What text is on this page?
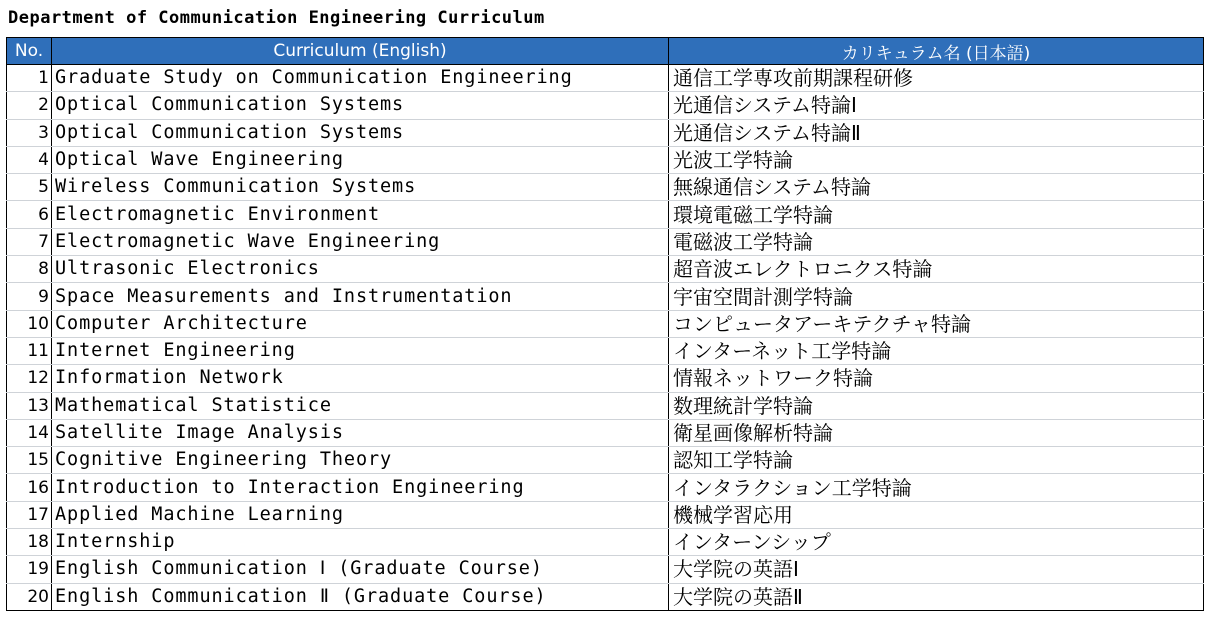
Department of Communication Engineering Curriculum
No.	Curriculum (English)	カリキュラム名 (日本語)
1	Graduate Study on Communication Engineering	通信工学専攻前期課程研修
2	Optical Communication Systems	光通信システム特論Ⅰ
3	Optical Communication Systems	光通信システム特論Ⅱ
4	Optical Wave Engineering	光波工学特論
5	Wireless Communication Systems	無線通信システム特論
6	Electromagnetic Environment	環境電磁工学特論
7	Electromagnetic Wave Engineering	電磁波工学特論
8	Ultrasonic Electronics	超音波エレクトロニクス特論
9	Space Measurements and Instrumentation	宇宙空間計測学特論
10	Computer Architecture	コンピュータアーキテクチャ特論
11	Internet Engineering	インターネット工学特論
12	Information Network	情報ネットワーク特論
13	Mathematical Statistice	数理統計学特論
14	Satellite Image Analysis	衛星画像解析特論
15	Cognitive Engineering Theory	認知工学特論
16	Introduction to Interaction Engineering	インタラクション工学特論
17	Applied Machine Learning	機械学習応用
18	Internship	インターンシップ
19	English Communication Ⅰ (Graduate Course)	大学院の英語Ⅰ
20	English Communication Ⅱ (Graduate Course)	大学院の英語Ⅱ
